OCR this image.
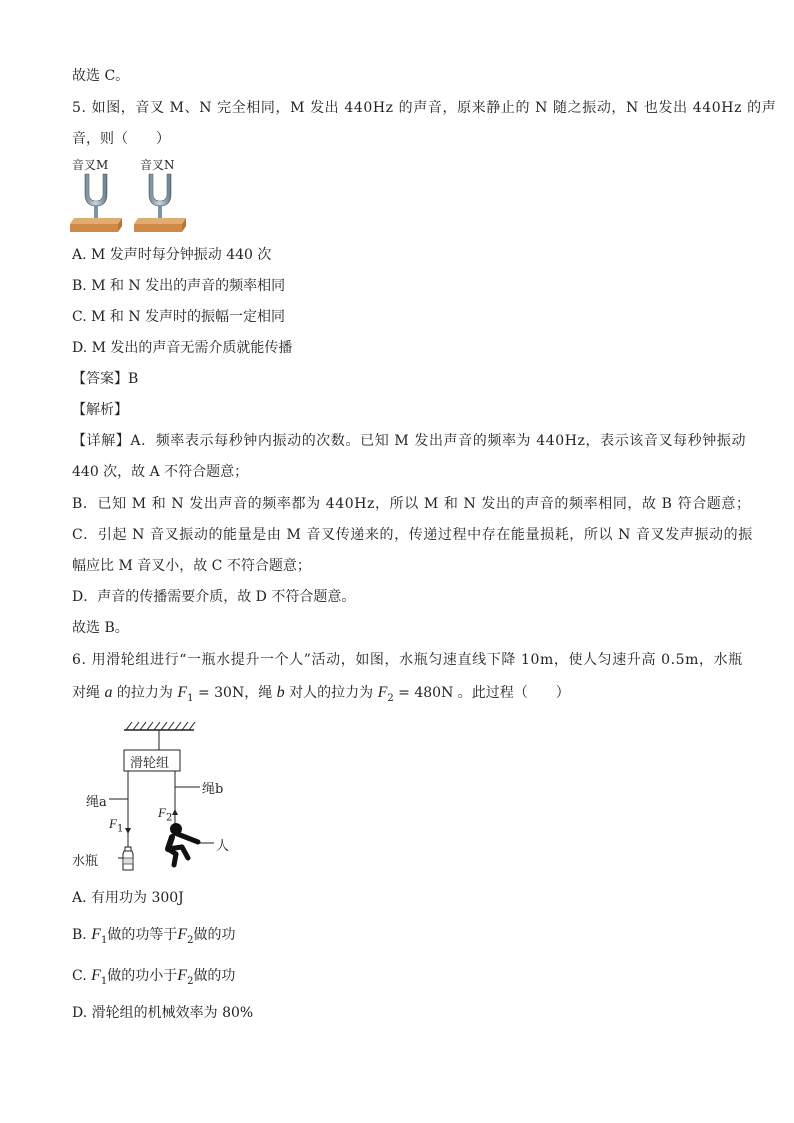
故选 C。
5. 如图，音叉 M、N 完全相同，M 发出 440Hz 的声音，原来静止的 N 随之振动，N 也发出 440Hz 的声
音，则（　　）
音叉M	音叉N
A. M 发声时每分钟振动 440 次
B. M 和 N 发出的声音的频率相同
C. M 和 N 发声时的振幅一定相同
D. M 发出的声音无需介质就能传播
【答案】B
【解析】
【详解】A．频率表示每秒钟内振动的次数。已知 M 发出声音的频率为 440Hz，表示该音叉每秒钟振动
440 次，故 A 不符合题意；
B．已知 M 和 N 发出声音的频率都为 440Hz，所以 M 和 N 发出的声音的频率相同，故 B 符合题意；
C．引起 N 音叉振动的能量是由 M 音叉传递来的，传递过程中存在能量损耗，所以 N 音叉发声振动的振
幅应比 M 音叉小，故 C 不符合题意；
D．声音的传播需要介质，故 D 不符合题意。
故选 B。
6. 用滑轮组进行“一瓶水提升一个人”活动，如图，水瓶匀速直线下降 10m，使人匀速升高 0.5m，水瓶
对绳 a 的拉力为 $F_1 = 30N$，绳 b 对人的拉力为 $F_2 = 480N$ 。此过程（　　）
滑轮组
绳a
绳b
$F_1$
$F_2$
水瓶
人
A. 有用功为 300J
B. $F_1$做的功等于$F_2$做的功
C. $F_1$做的功小于$F_2$做的功
D. 滑轮组的机械效率为 80%
